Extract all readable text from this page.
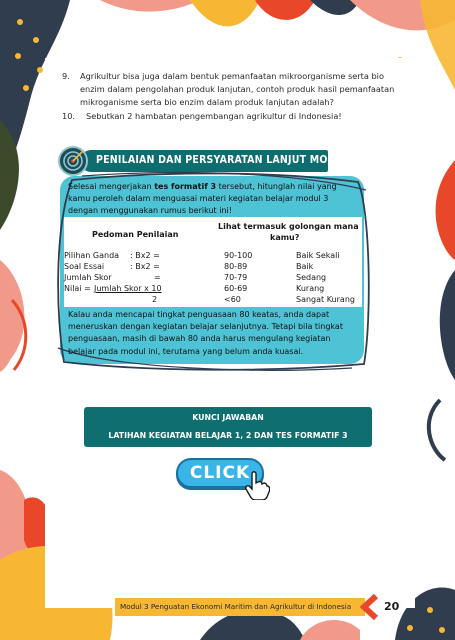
9.	Agrikultur bisa juga dalam bentuk pemanfaatan mikroorganisme serta bio
enzim dalam pengolahan produk lanjutan, contoh produk hasil pemanfaatan
mikroganisme serta bio enzim dalam produk lanjutan adalah?
10.	Sebutkan 2 hambatan pengembangan agrikultur di Indonesia!
PENILAIAN DAN PERSYARATAN LANJUT MODUL
Selesai mengerjakan tes formatif 3 tersebut, hitunglah nilai yang
kamu peroleh dalam menguasai materi kegiatan belajar modul 3
dengan menggunakan rumus berikut ini!
Pedoman Penilaian
Lihat termasuk golongan mana
kamu?
Pilihan Ganda : Bx2 =	90-100	Baik Sekali
Soal Essai	: Bx2 =	80-89	Baik
Jumlah Skor	=	70-79	Sedang
Nilai = Jumlah Skor x 10	60-69	Kurang
2	<60	Sangat Kurang
Kalau anda mencapai tingkat penguasaan 80 keatas, anda dapat
meneruskan dengan kegiatan belajar selanjutnya. Tetapi bila tingkat
penguasaan, masih di bawah 80 anda harus mengulang kegiatan
belajar pada modul ini, terutama yang belum anda kuasai.
KUNCI JAWABAN
LATIHAN KEGIATAN BELAJAR 1, 2 DAN TES FORMATIF 3
CLICK
Modul 3 Penguatan Ekonomi Maritim dan Agrikultur di Indonesia	20
